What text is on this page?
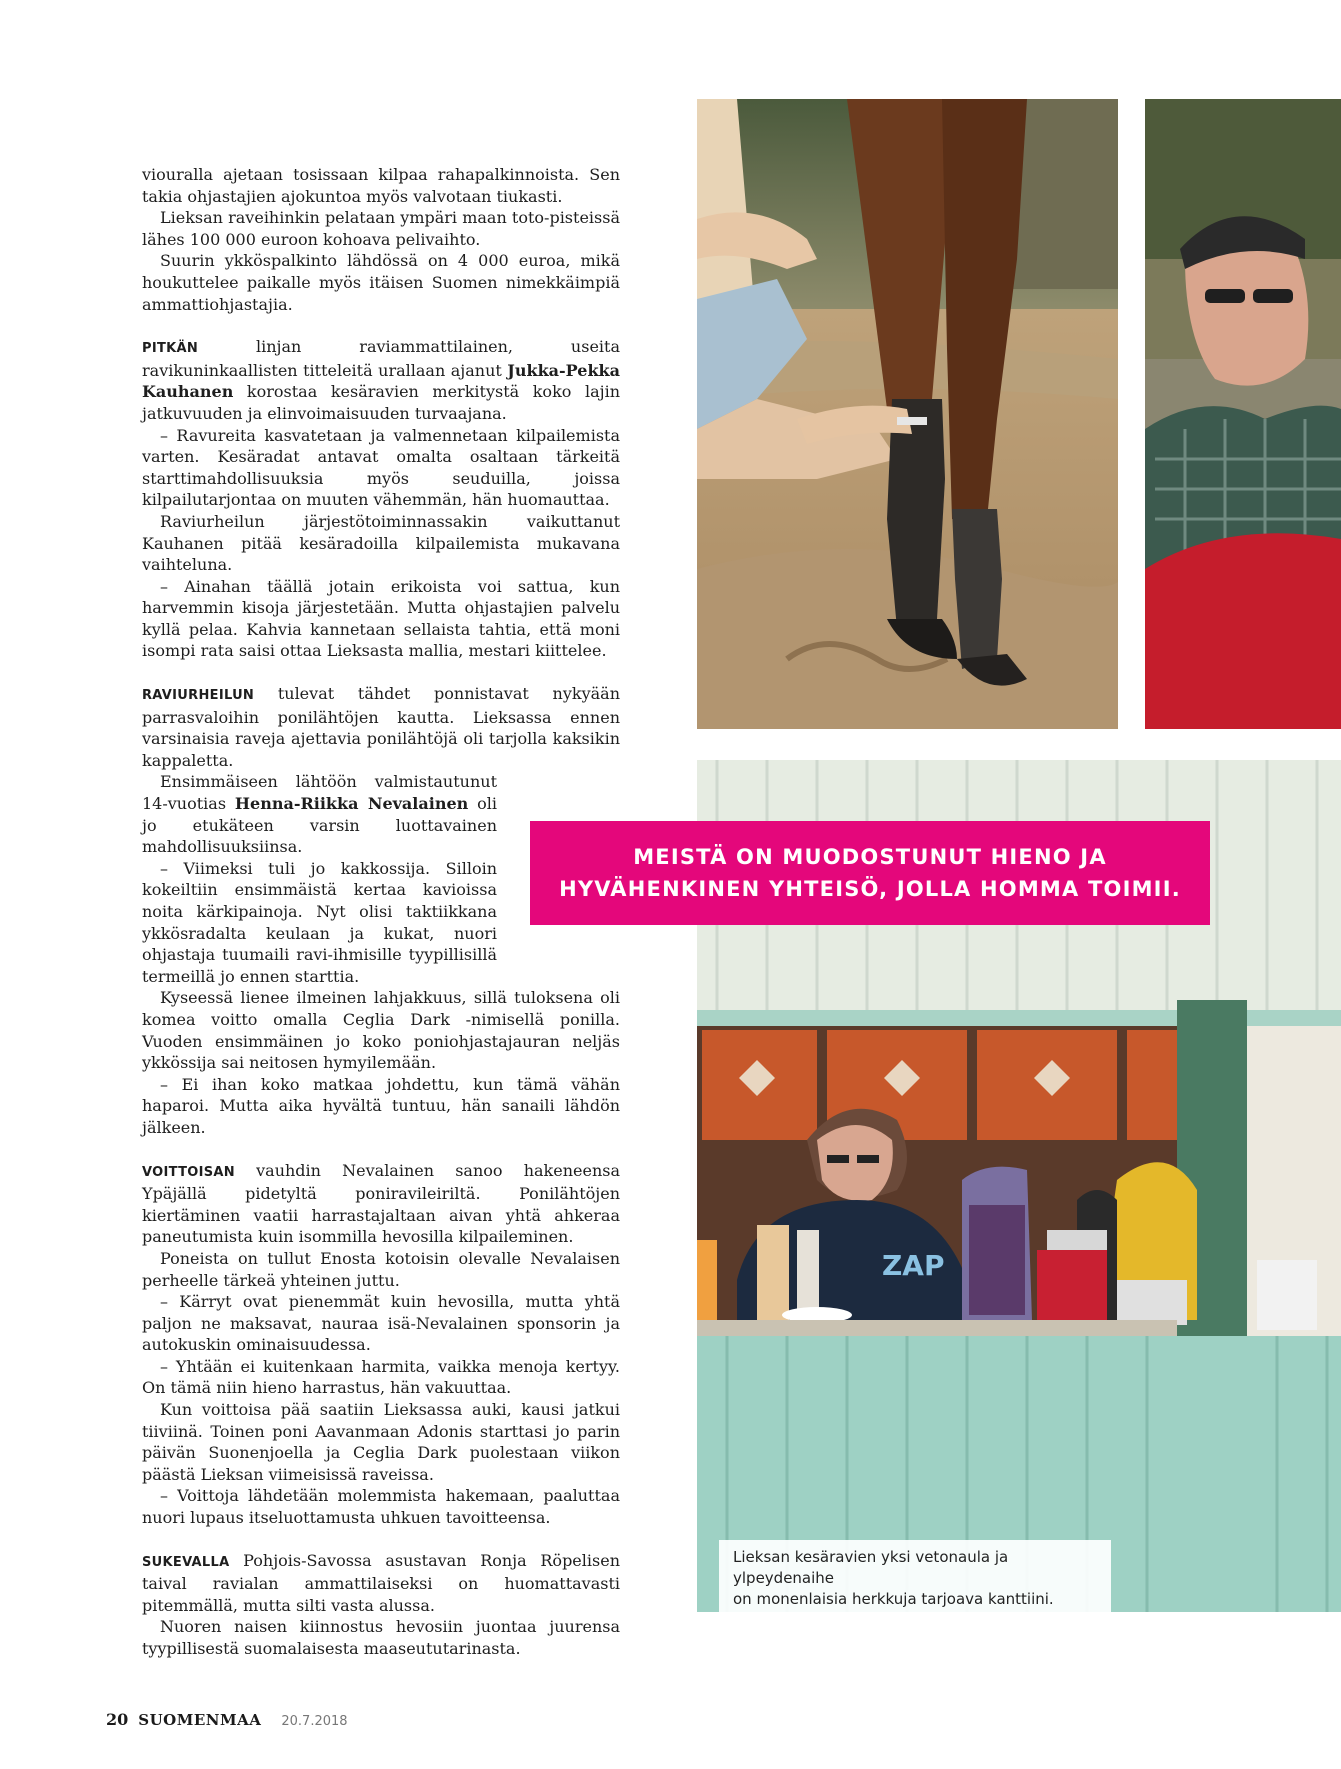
viouralla ajetaan tosissaan kilpaa rahapalkinnoista. Sen takia ohjastajien ajokuntoa myös valvotaan tiukasti.

Lieksan raveihinkin pelataan ympäri maan toto-pisteissä lähes 100 000 euroon kohoava pelivaihto.

Suurin ykköspalkinto lähdössä on 4 000 euroa, mikä houkuttelee paikalle myös itäisen Suomen nimekkäimpiä ammattiohjastajia.

PITKÄN linjan raviammattilainen, useita ravikuninkaallisten titteleitä urallaan ajanut Jukka-Pekka Kauhanen korostaa kesäravien merkitystä koko lajin jatkuvuuden ja elinvoimaisuuden turvaajana.

– Ravureita kasvatetaan ja valmennetaan kilpailemista varten. Kesäradat antavat omalta osaltaan tärkeitä starttimahdollisuuksia myös seuduilla, joissa kilpailutarjontaa on muuten vähemmän, hän huomauttaa.

Raviurheilun järjestötoiminnassakin vaikuttanut Kauhanen pitää kesäradoilla kilpailemista mukavana vaihteluna.

– Ainahan täällä jotain erikoista voi sattua, kun harvemmin kisoja järjestetään. Mutta ohjastajien palvelu kyllä pelaa. Kahvia kannetaan sellaista tahtia, että moni isompi rata saisi ottaa Lieksasta mallia, mestari kiittelee.

RAVIURHEILUN tulevat tähdet ponnistavat nykyään parrasvaloihin ponilähtöjen kautta. Lieksassa ennen varsinaisia raveja ajettavia ponilähtöjä oli tarjolla kaksikin kappaletta.

Ensimmäiseen lähtöön valmistautunut 14-vuotias Henna-Riikka Nevalainen oli jo etukäteen varsin luottavainen mahdollisuuksiinsa.

– Viimeksi tuli jo kakkossija. Silloin kokeiltiin ensimmäistä kertaa kavioissa noita kärkipainoja. Nyt olisi taktiikkana ykkösradalta keulaan ja kukat, nuori ohjastaja tuumaili ravi-ihmisille tyypillisillä termeillä jo ennen starttia.

Kyseessä lienee ilmeinen lahjakkuus, sillä tuloksena oli komea voitto omalla Ceglia Dark -nimisellä ponilla. Vuoden ensimmäinen jo koko poniohjastajauran neljäs ykkössija sai neitosen hymyilemään.

– Ei ihan koko matkaa johdettu, kun tämä vähän haparoi. Mutta aika hyvältä tuntuu, hän sanaili lähdön jälkeen.

VOITTOISAN vauhdin Nevalainen sanoo hakeneensa Ypäjällä pidetyltä poniravileiriltä. Ponilähtöjen kiertäminen vaatii harrastajaltaan aivan yhtä ahkeraa paneutumista kuin isommilla hevosilla kilpaileminen.

Poneista on tullut Enosta kotoisin olevalle Nevalaisen perheelle tärkeä yhteinen juttu.

– Kärryt ovat pienemmät kuin hevosilla, mutta yhtä paljon ne maksavat, nauraa isä-Nevalainen sponsorin ja autokuskin ominaisuudessa.

– Yhtään ei kuitenkaan harmita, vaikka menoja kertyy. On tämä niin hieno harrastus, hän vakuuttaa.

Kun voittoisa pää saatiin Lieksassa auki, kausi jatkui tiiviinä. Toinen poni Aavanmaan Adonis starttasi jo parin päivän Suonenjoella ja Ceglia Dark puolestaan viikon päästä Lieksan viimeisissä raveissa.

– Voittoja lähdetään molemmista hakemaan, paaluttaa nuori lupaus itseluottamusta uhkuen tavoitteensa.

SUKEVALLA Pohjois-Savossa asustavan Ronja Röpelisen taival ravialan ammattilaiseksi on huomattavasti pitemmällä, mutta silti vasta alussa.

Nuoren naisen kiinnostus hevosiin juontaa juurensa tyypillisestä suomalaisesta maaseututarinasta.

ZAP
MEISTÄ ON MUODOSTUNUT HIENO JA
HYVÄHENKINEN YHTEISÖ, JOLLA HOMMA TOIMII.
Lieksan kesäravien yksi vetonaula ja ylpeydenaihe
on monenlaisia herkkuja tarjoava kanttiini.
20 SUOMENMAA 20.7.2018
